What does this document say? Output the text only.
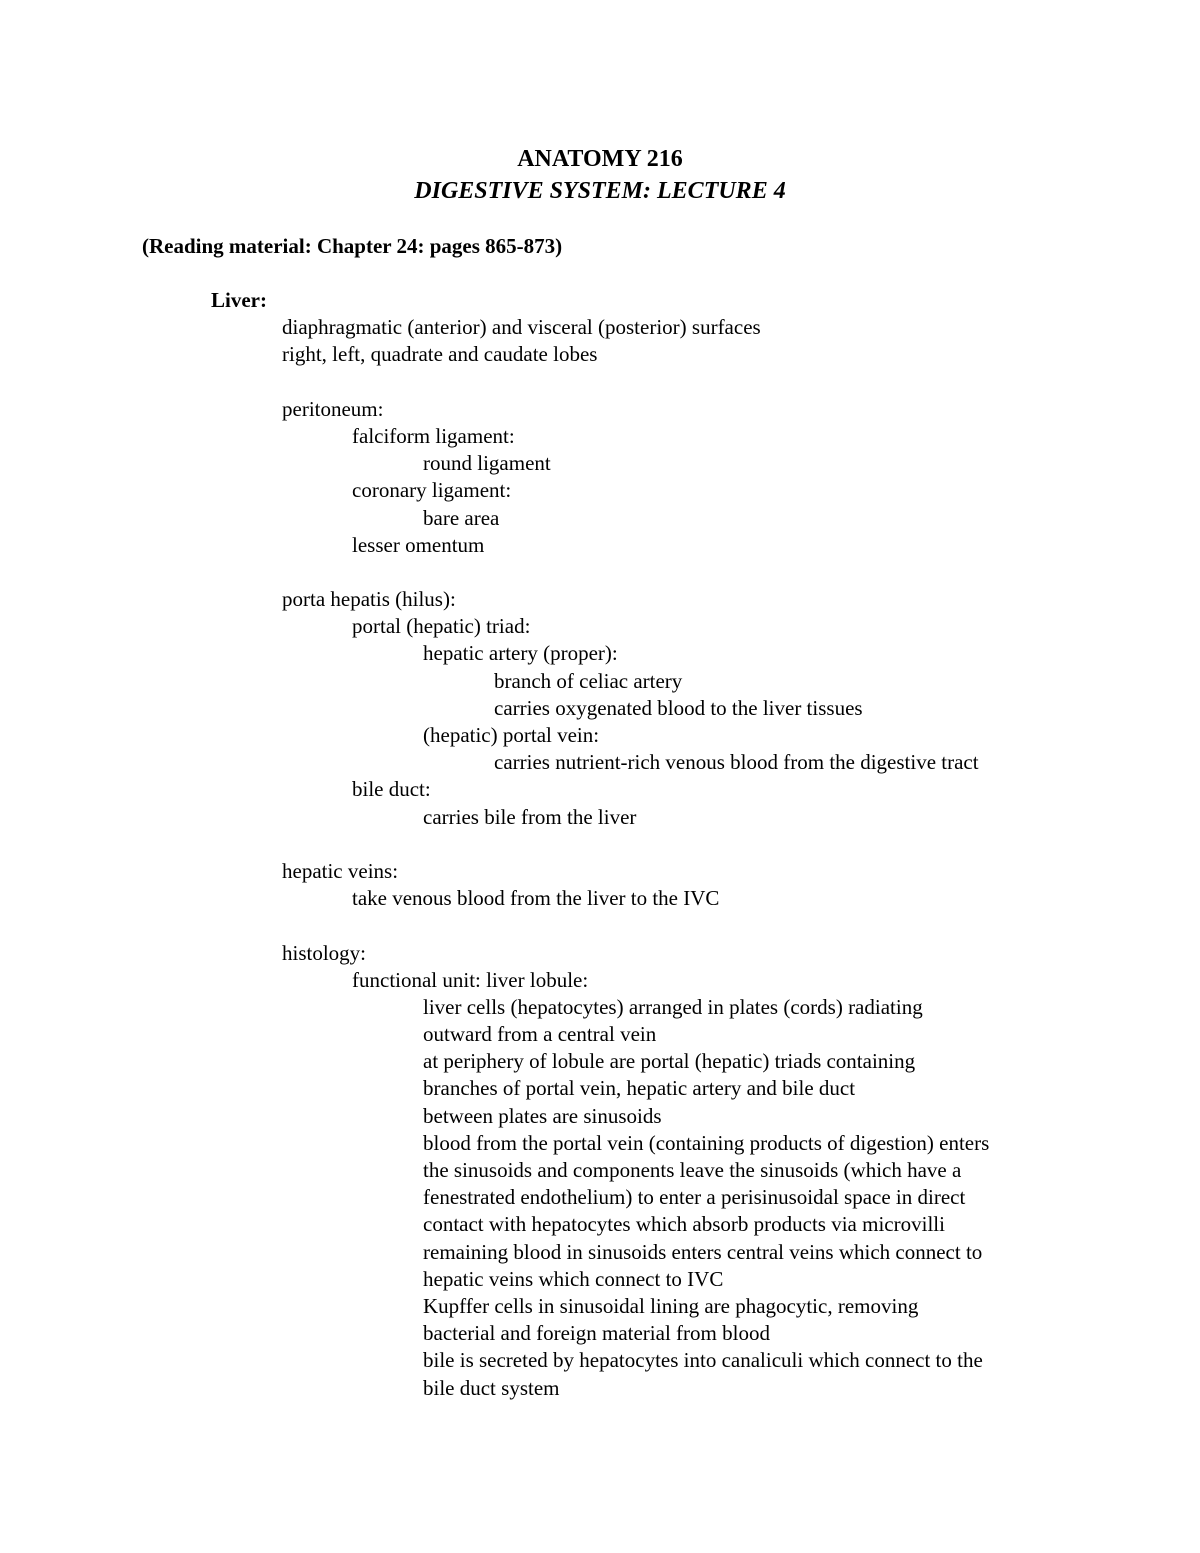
ANATOMY 216
DIGESTIVE SYSTEM: LECTURE 4
(Reading material: Chapter 24: pages 865-873)
Liver:
diaphragmatic (anterior) and visceral (posterior) surfaces
right, left, quadrate and caudate lobes
peritoneum:
falciform ligament:
round ligament
coronary ligament:
bare area
lesser omentum
porta hepatis (hilus):
portal (hepatic) triad:
hepatic artery (proper):
branch of celiac artery
carries oxygenated blood to the liver tissues
(hepatic) portal vein:
carries nutrient-rich venous blood from the digestive tract
bile duct:
carries bile from the liver
hepatic veins:
take venous blood from the liver to the IVC
histology:
functional unit: liver lobule:
liver cells (hepatocytes) arranged in plates (cords) radiating
outward from a central vein
at periphery of lobule are portal (hepatic) triads containing
branches of portal vein, hepatic artery and bile duct
between plates are sinusoids
blood from the portal vein (containing products of digestion) enters
the sinusoids and components leave the sinusoids (which have a
fenestrated endothelium) to enter a perisinusoidal space in direct
contact with hepatocytes which absorb products via microvilli
remaining blood in sinusoids enters central veins which connect to
hepatic veins which connect to IVC
Kupffer cells in sinusoidal lining are phagocytic, removing
bacterial and foreign material from blood
bile is secreted by hepatocytes into canaliculi which connect to the
bile duct system
